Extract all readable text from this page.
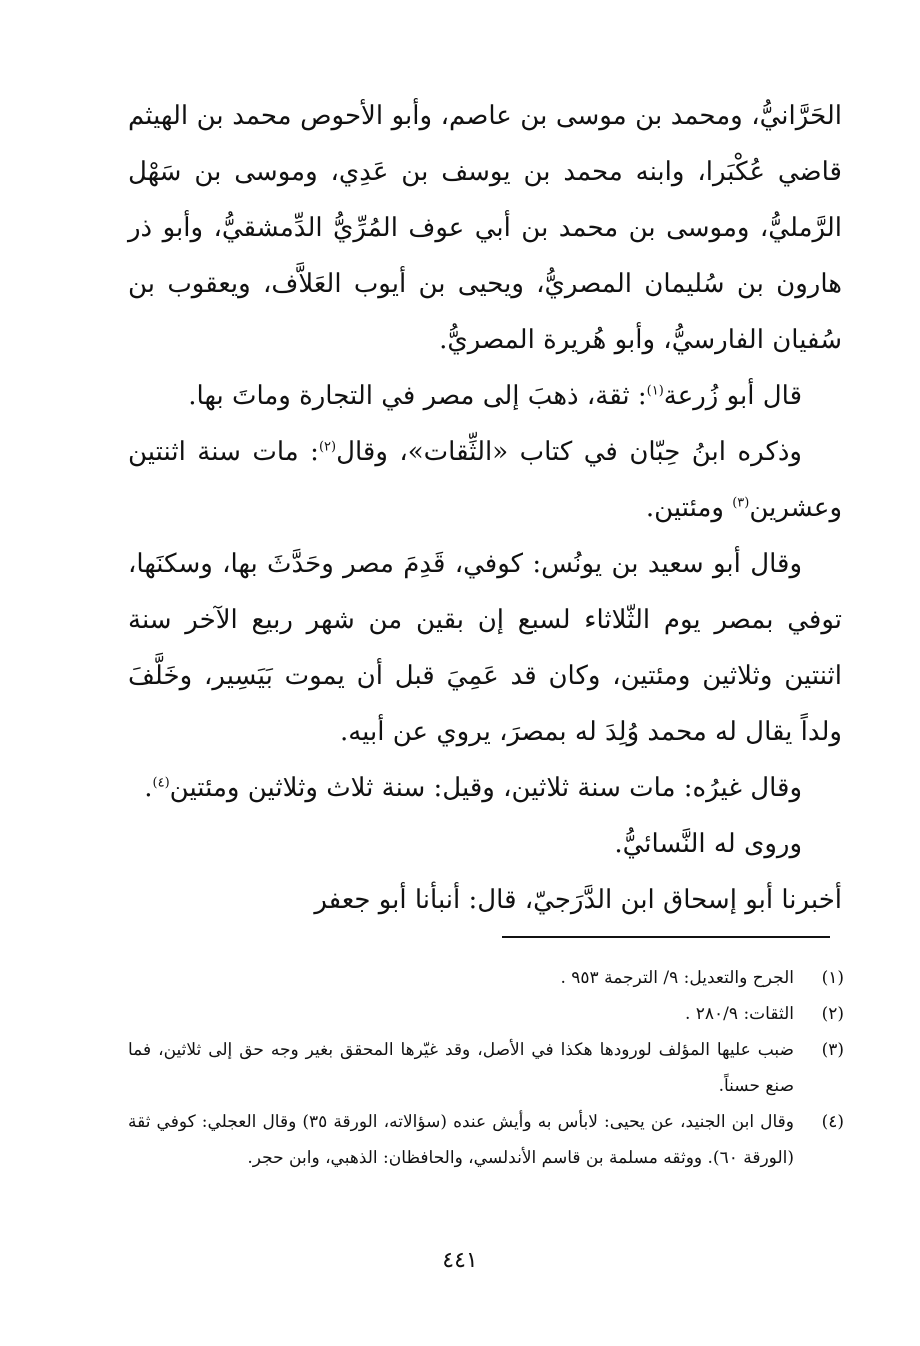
الحَرَّانيُّ، ومحمد بن موسى بن عاصم، وأبو الأحوص محمد بن الهيثم قاضي عُكْبَرا، وابنه محمد بن يوسف بن عَدِي، وموسى بن سَهْل الرَّمليُّ، وموسى بن محمد بن أبي عوف المُرِّيُّ الدِّمشقيُّ، وأبو ذر هارون بن سُليمان المصريُّ، ويحيى بن أيوب العَلاَّف، ويعقوب بن سُفيان الفارسيُّ، وأبو هُريرة المصريُّ.

قال أبو زُرعة$^{(١)}$: ثقة، ذهبَ إلى مصر في التجارة وماتَ بها.

وذكره ابنُ حِبّان في كتاب «الثِّقات»، وقال$^{(٢)}$: مات سنة اثنتين وعشرين$^{(٣)}$ ومئتين.

وقال أبو سعيد بن يونُس: كوفي، قَدِمَ مصر وحَدَّثَ بها، وسكنَها، توفي بمصر يوم الثّلاثاء لسبع إن بقين من شهر ربيع الآخر سنة اثنتين وثلاثين ومئتين، وكان قد عَمِيَ قبل أن يموت بَيَسِير، وخَلَّفَ ولداً يقال له محمد وُلِدَ له بمصرَ، يروي عن أبيه.

وقال غيرُه: مات سنة ثلاثين، وقيل: سنة ثلاث وثلاثين ومئتين$^{(٤)}$.

وروى له النَّسائيُّ.

أخبرنا أبو إسحاق ابن الدَّرَجيّ، قال: أنبأنا أبو جعفر

(١)
الجرح والتعديل: ٩/ الترجمة ٩٥٣ .
(٢)
الثقات: ٢٨٠/٩ .
(٣)
ضبب عليها المؤلف لورودها هكذا في الأصل، وقد غيّرها المحقق بغير وجه حق إلى ثلاثين، فما صنع حسناً.
(٤)
وقال ابن الجنيد، عن يحيى: لابأس به وأيش عنده (سؤالاته، الورقة ٣٥) وقال العجلي: كوفي ثقة (الورقة ٦٠). ووثقه مسلمة بن قاسم الأندلسي، والحافظان: الذهبي، وابن حجر.
٤٤١
